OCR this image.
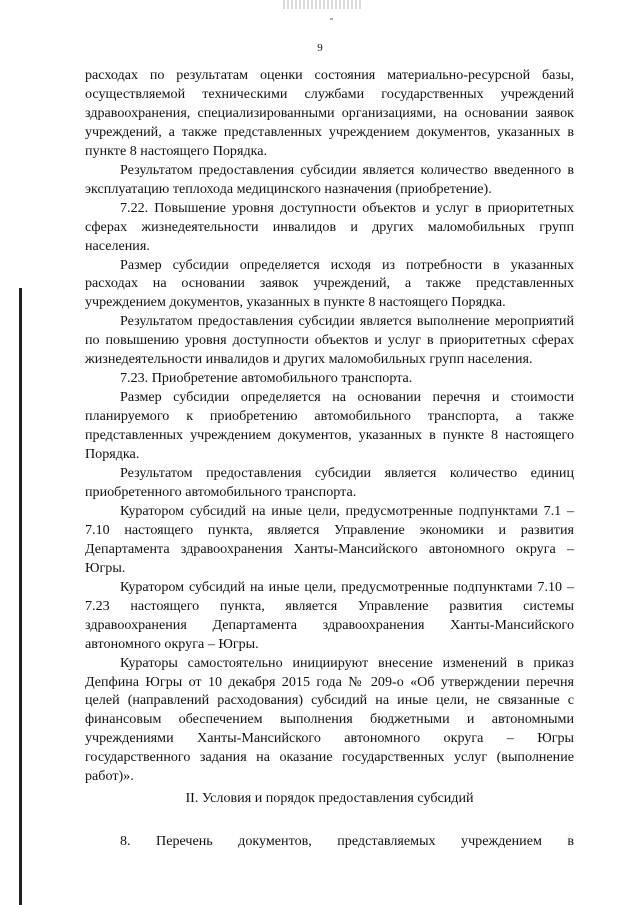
9

расходах по результатам оценки состояния материально-ресурсной базы, осуществляемой техническими службами государственных учреждений здравоохранения, специализированными организациями, на основании заявок учреждений, а также представленных учреждением документов, указанных в пункте 8 настоящего Порядка.

Результатом предоставления субсидии является количество введенного в эксплуатацию теплохода медицинского назначения (приобретение).

7.22. Повышение уровня доступности объектов и услуг в приоритетных сферах жизнедеятельности инвалидов и других маломобильных групп населения.

Размер субсидии определяется исходя из потребности в указанных расходах на основании заявок учреждений, а также представленных учреждением документов, указанных в пункте 8 настоящего Порядка.

Результатом предоставления субсидии является выполнение мероприятий по повышению уровня доступности объектов и услуг в приоритетных сферах жизнедеятельности инвалидов и других маломобильных групп населения.

7.23. Приобретение автомобильного транспорта.

Размер субсидии определяется на основании перечня и стоимости планируемого к приобретению автомобильного транспорта, а также представленных учреждением документов, указанных в пункте 8 настоящего Порядка.

Результатом предоставления субсидии является количество единиц приобретенного автомобильного транспорта.

Куратором субсидий на иные цели, предусмотренные подпунктами 7.1 – 7.10 настоящего пункта, является Управление экономики и развития Департамента здравоохранения Ханты-Мансийского автономного округа – Югры.

Куратором субсидий на иные цели, предусмотренные подпунктами 7.10 – 7.23 настоящего пункта, является Управление развития системы здравоохранения Департамента здравоохранения Ханты-Мансийского автономного округа – Югры.

Кураторы самостоятельно инициируют внесение изменений в приказ Депфина Югры от 10 декабря 2015 года № 209-о «Об утверждении перечня целей (направлений расходования) субсидий на иные цели, не связанные с финансовым обеспечением выполнения бюджетными и автономными учреждениями Ханты-Мансийского автономного округа – Югры государственного задания на оказание государственных услуг (выполнение работ)».

II. Условия и порядок предоставления субсидий
8. Перечень документов, представляемых учреждением в
